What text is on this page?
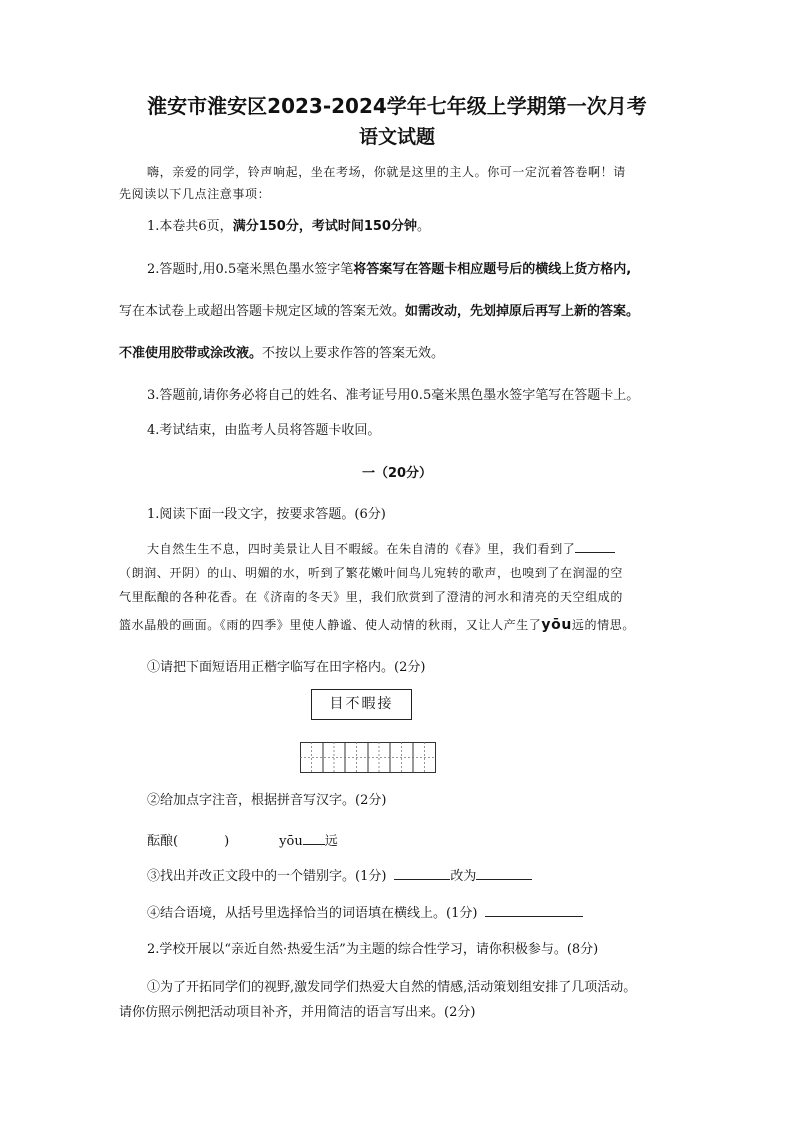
淮安市淮安区2023-2024学年七年级上学期第一次月考
语文试题
嗨，亲爱的同学，铃声响起，坐在考场，你就是这里的主人。你可一定沉着答卷啊！请
先阅读以下几点注意事项：
1.本卷共6页，满分150分，考试时间150分钟。
2.答题时,用0.5毫米黑色墨水签字笔将答案写在答题卡相应题号后的横线上货方格内,
写在本试卷上或超出答题卡规定区域的答案无效。如需改动，先划掉原后再写上新的答案。
不准使用胶带或涂改液。不按以上要求作答的答案无效。
3.答题前,请你务必将自己的姓名、准考证号用0.5毫米黑色墨水签字笔写在答题卡上。
4.考试结束，由监考人员将答题卡收回。
一（20分）
1.阅读下面一段文字，按要求答题。(6分)
大自然生生不息，四时美景让人目不暇綏。在朱自清的《春》里，我们看到了
（朗润、开阴）的山、明媚的水，听到了繁花嫩叶间鸟儿宛转的歌声，也嗅到了在润湿的空
气里酝酿的各种花香。在《济南的冬天》里，我们欣赏到了澄清的河水和清亮的天空组成的
篮水晶般的画面。《雨的四季》里使人静谧、使人动情的秋雨，又让人产生了yōu远的情思。
①请把下面短语用正楷字临写在田字格内。(2分)
目不暇接
②给加点字注音，根据拼音写汉字。(2分)
酝酿(	)	yōu 远
③找出并改正文段中的一个错别字。(1分)	改为
④结合语境，从括号里选择恰当的词语填在横线上。(1分)
2.学校开展以“亲近自然·热爱生活”为主题的综合性学习，请你积极参与。(8分)
①为了开拓同学们的视野,激发同学们热爱大自然的情感,活动策划组安排了几项活动。
请你仿照示例把活动项目补齐，并用简洁的语言写出来。(2分)
